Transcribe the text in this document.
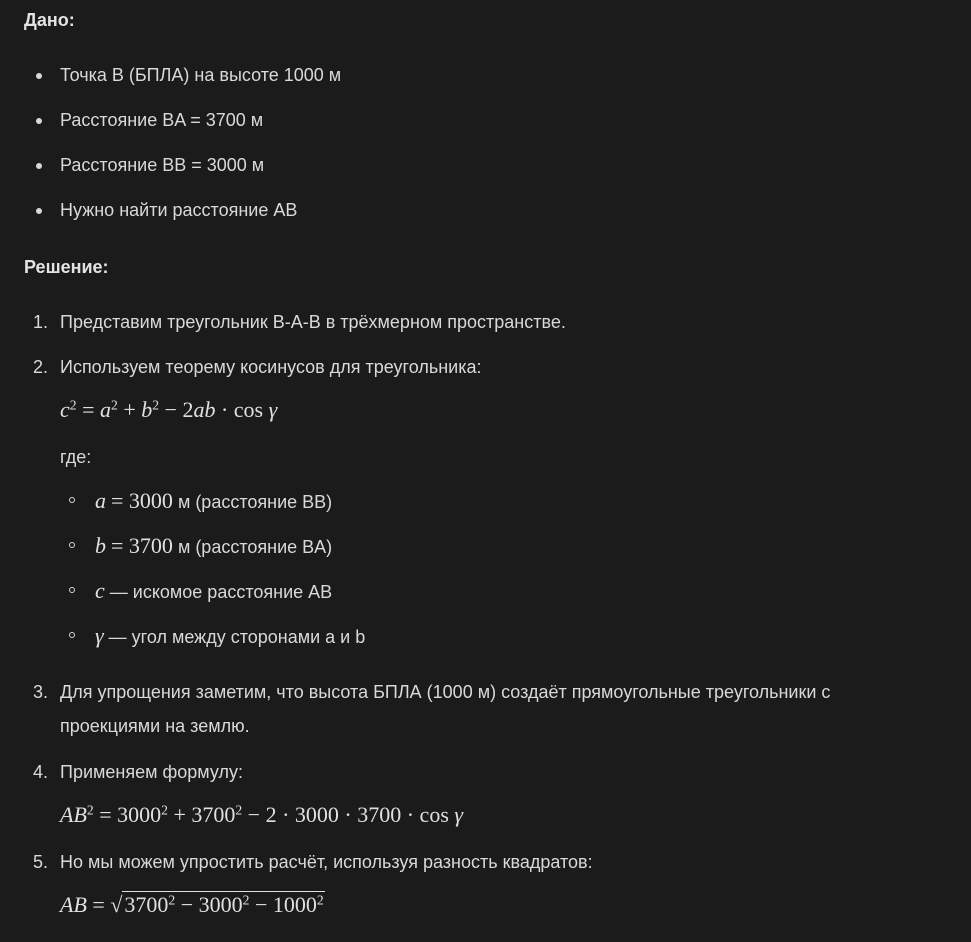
Дано:
Точка B (БПЛА) на высоте 1000 м
Расстояние BA = 3700 м
Расстояние BB = 3000 м
Нужно найти расстояние AB
Решение:
1. Представим треугольник B-A-B в трёхмерном пространстве.
2. Используем теорему косинусов для треугольника:
$c^2 = a^2 + b^2 - 2ab \cdot \cos \gamma$
где:
a = 3000 м (расстояние BB)
b = 3700 м (расстояние BA)
c — искомое расстояние AB
γ — угол между сторонами a и b
3. Для упрощения заметим, что высота БПЛА (1000 м) создаёт прямоугольные треугольники с
проекциями на землю.
4. Применяем формулу:
$AB^2 = 3000^2 + 3700^2 - 2 \cdot 3000 \cdot 3700 \cdot \cos \gamma$
5. Но мы можем упростить расчёт, используя разность квадратов:
AB = $√3700^2 - 3000^2 - 1000^2$
